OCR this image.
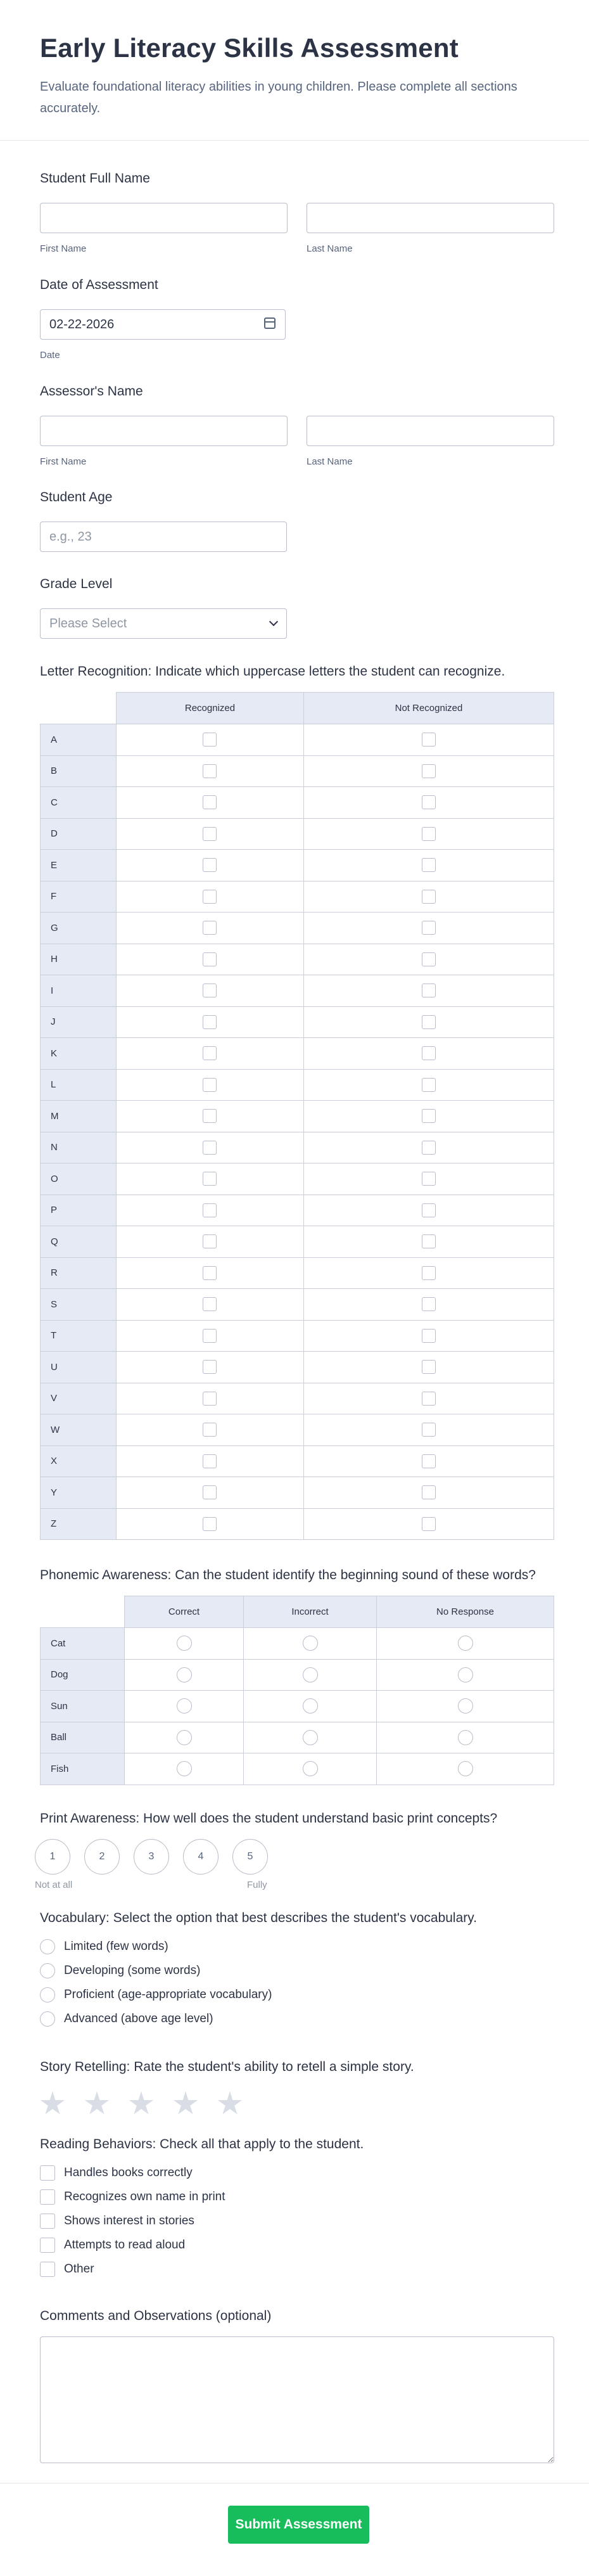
Early Literacy Skills Assessment

Evaluate foundational literacy abilities in young children. Please complete all sections accurately.

Student Full Name
First Name	Last Name
Date of Assessment
02-22-2026
Date
Assessor's Name
First Name	Last Name
Student Age
e.g., 23
Grade Level
Please Select
Letter Recognition: Indicate which uppercase letters the student can recognize.
	Recognized	Not Recognized
A		
B		
C		
D		
E		
F		
G		
H		
I		
J		
K		
L		
M		
N		
O		
P		
Q		
R		
S		
T		
U		
V		
W		
X		
Y		
Z		
Phonemic Awareness: Can the student identify the beginning sound of these words?
	Correct	Incorrect	No Response
Cat			
Dog			
Sun			
Ball			
Fish			
Print Awareness: How well does the student understand basic print concepts?
1	2	3	4	5
Not at all	Fully
Vocabulary: Select the option that best describes the student's vocabulary.
Limited (few words)
Developing (some words)
Proficient (age-appropriate vocabulary)
Advanced (above age level)
Story Retelling: Rate the student's ability to retell a simple story.
Reading Behaviors: Check all that apply to the student.
Handles books correctly
Recognizes own name in print
Shows interest in stories
Attempts to read aloud
Other
Comments and Observations (optional)
Submit Assessment
